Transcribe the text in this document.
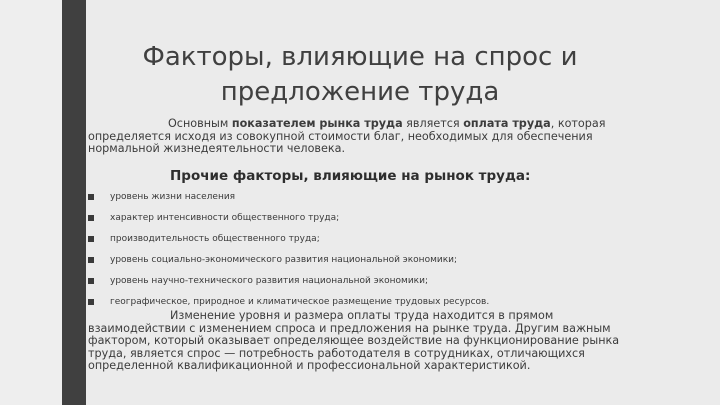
Факторы, влияющие на спрос и предложение труда

Основным показателем рынка труда является оплата труда, которая определяется исходя из совокупной стоимости благ, необходимых для обеспечения нормальной жизнедеятельности человека.

Прочие факторы, влияющие на рынок труда:

уровень жизни населения
характер интенсивности общественного труда;
производительность общественного труда;
уровень социально-экономического развития национальной экономики;
уровень научно-технического развития национальной экономики;
географическое, природное и климатическое размещение трудовых ресурсов.

Изменение уровня и размера оплаты труда находится в прямом взаимодействии с изменением спроса и предложения на рынке труда. Другим важным фактором, который оказывает определяющее воздействие на функционирование рынка труда, является спрос — потребность работодателя в сотрудниках, отличающихся определенной квалификационной и профессиональной характеристикой.
